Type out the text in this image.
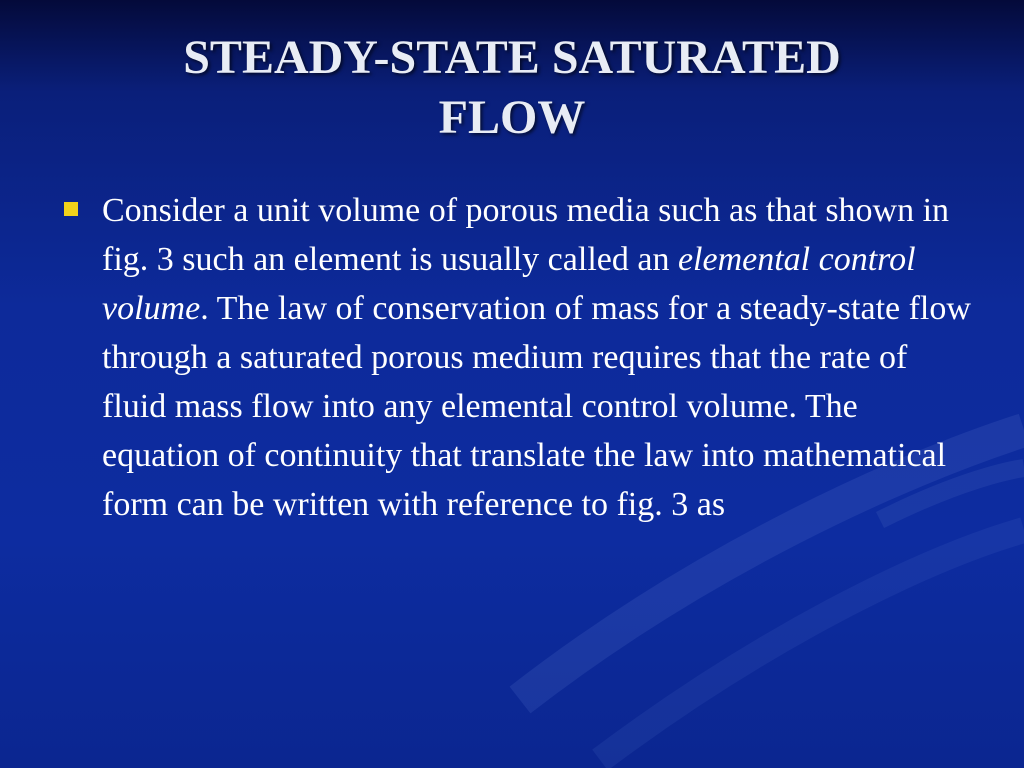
STEADY-STATE SATURATED
FLOW

Consider a unit volume of porous media such as that shown in fig. 3 such an element is usually called an elemental control volume. The law of conservation of mass for a steady-state flow through a saturated porous medium requires that the rate of fluid mass flow into any elemental control volume. The equation of continuity that translate the law into mathematical form can be written with reference to fig. 3 as
